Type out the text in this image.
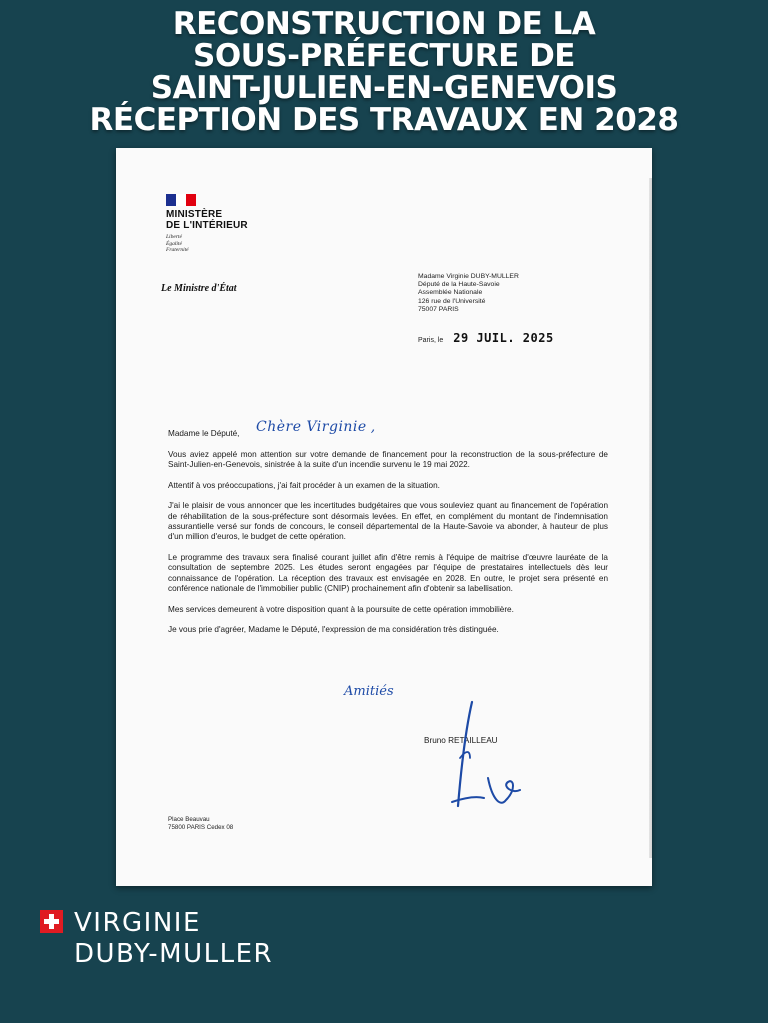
RECONSTRUCTION DE LA
SOUS-PRÉFECTURE DE
SAINT-JULIEN-EN-GENEVOIS
RÉCEPTION DES TRAVAUX EN 2028
MINISTÈRE
DE L'INTÉRIEUR
Liberté
Égalité
Fraternité
Le Ministre d'État
Madame Virginie DUBY-MULLER
Député de la Haute-Savoie
Assemblée Nationale
126 rue de l'Université
75007 PARIS
Paris, le 29 JUIL. 2025

Madame le Député, Chère Virginie ,

Vous aviez appelé mon attention sur votre demande de financement pour la reconstruction de la sous-préfecture de Saint-Julien-en-Genevois, sinistrée à la suite d'un incendie survenu le 19 mai 2022.

Attentif à vos préoccupations, j'ai fait procéder à un examen de la situation.

J'ai le plaisir de vous annoncer que les incertitudes budgétaires que vous souleviez quant au financement de l'opération de réhabilitation de la sous-préfecture sont désormais levées. En effet, en complément du montant de l'indemnisation assurantielle versé sur fonds de concours, le conseil départemental de la Haute-Savoie va abonder, à hauteur de plus d'un million d'euros, le budget de cette opération.

Le programme des travaux sera finalisé courant juillet afin d'être remis à l'équipe de maitrise d'œuvre lauréate de la consultation de septembre 2025. Les études seront engagées par l'équipe de prestataires intellectuels dès leur connaissance de l'opération. La réception des travaux est envisagée en 2028. En outre, le projet sera présenté en conférence nationale de l'immobilier public (CNIP) prochainement afin d'obtenir sa labellisation.

Mes services demeurent à votre disposition quant à la poursuite de cette opération immobilière.

Je vous prie d'agréer, Madame le Député, l'expression de ma considération très distinguée.

Amitiés
Bruno RETAILLEAU
Place Beauvau
75800 PARIS Cedex 08
VIRGINIE
DUBY-MULLER
